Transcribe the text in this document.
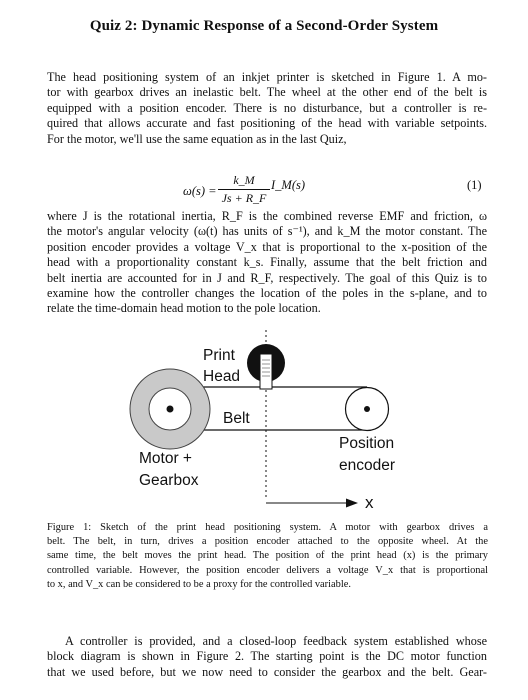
Quiz 2: Dynamic Response of a Second-Order System

The head positioning system of an inkjet printer is sketched in Figure 1. A mo-
tor with gearbox drives an inelastic belt. The wheel at the other end of the belt is
equipped with a position encoder. There is no disturbance, but a controller is re-
quired that allows accurate and fast positioning of the head with variable setpoints.
For the motor, we'll use the same equation as in the last Quiz,

ω(s) =
k_M
Js + R_F
I_M(s)	(1)

where J is the rotational inertia, R_F is the combined reverse EMF and friction, ω
the motor's angular velocity (ω(t) has units of s⁻¹), and k_M the motor constant. The
position encoder provides a voltage V_x that is proportional to the x-position of the
head with a proportionality constant k_s. Finally, assume that the belt friction and
belt inertia are accounted for in J and R_F, respectively. The goal of this Quiz is to
examine how the controller changes the location of the poles in the s-plane, and to
relate the time-domain head motion to the pole location.

Print
Head
Belt
Motor +
Gearbox
Position
encoder
x

Figure 1: Sketch of the print head positioning system. A motor with gearbox drives a
belt. The belt, in turn, drives a position encoder attached to the opposite wheel. At the
same time, the belt moves the print head. The position of the print head (x) is the primary
controlled variable. However, the position encoder delivers a voltage V_x that is proportional
to x, and V_x can be considered to be a proxy for the controlled variable.

A controller is provided, and a closed-loop feedback system established whose
block diagram is shown in Figure 2. The starting point is the DC motor function
that we used before, but we now need to consider the gearbox and the belt. Gear-
